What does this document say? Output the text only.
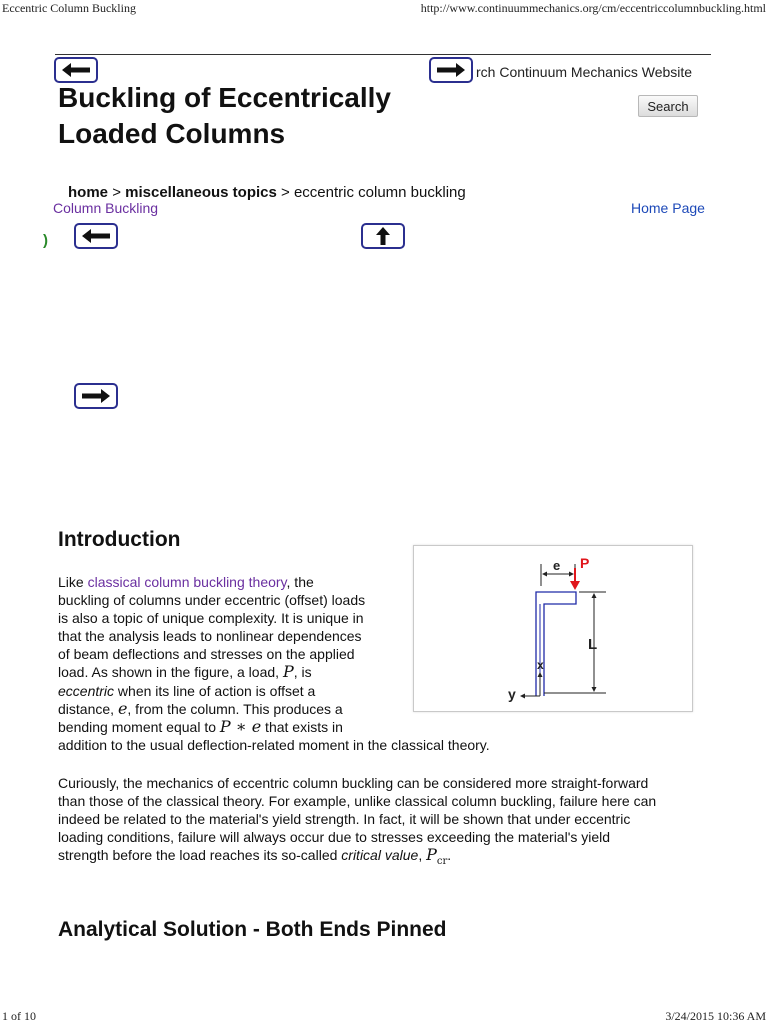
Eccentric Column Buckling	http://www.continuummechanics.org/cm/eccentriccolumnbuckling.html
rch Continuum Mechanics Website
Search
Buckling of Eccentrically
Loaded Columns
home > miscellaneous topics > eccentric column buckling
Column Buckling	Home Page
)
Introduction

Like classical column buckling theory, the

buckling of columns under eccentric (offset) loads

is also a topic of unique complexity. It is unique in

that the analysis leads to nonlinear dependences

of beam deflections and stresses on the applied

load. As shown in the figure, a load, P, is

eccentric when its line of action is offset a

distance, e, from the column. This produces a

bending moment equal to P ∗ e that exists in

addition to the usual deflection-related moment in the classical theory.

Curiously, the mechanics of eccentric column buckling can be considered more straight-forward

than those of the classical theory. For example, unlike classical column buckling, failure here can

indeed be related to the material's yield strength. In fact, it will be shown that under eccentric

loading conditions, failure will always occur due to stresses exceeding the material's yield

strength before the load reaches its so-called critical value, $P_{cr}$.

e P
L
x
y
Analytical Solution - Both Ends Pinned
1 of 10	3/24/2015 10:36 AM
